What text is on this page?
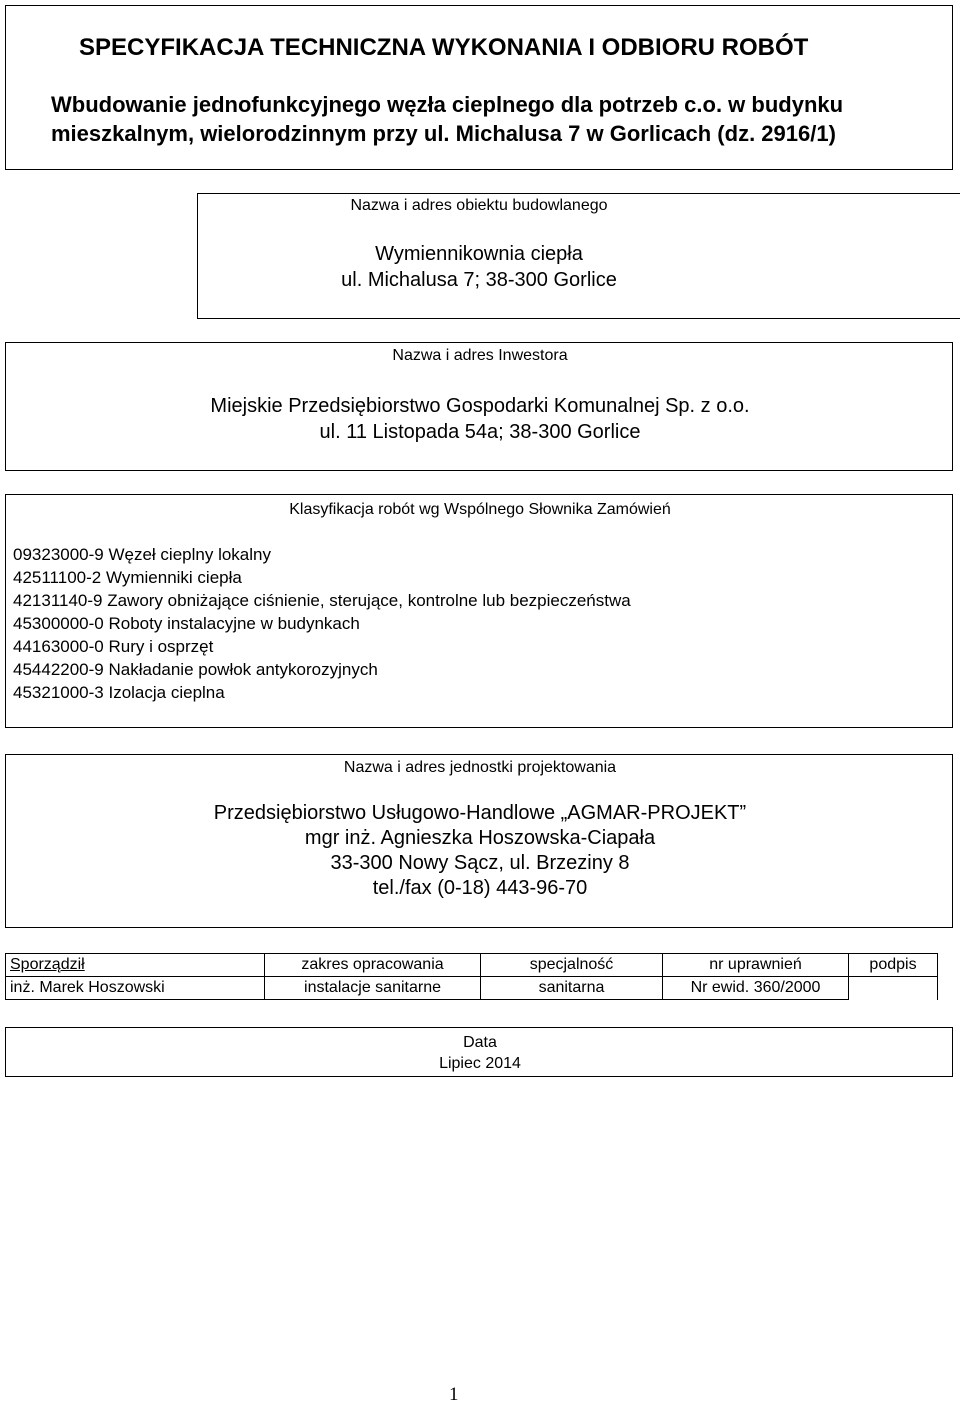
SPECYFIKACJA TECHNICZNA WYKONANIA I ODBIORU ROBÓT
Wbudowanie jednofunkcyjnego węzła cieplnego dla potrzeb c.o. w budynku
mieszkalnym, wielorodzinnym przy ul. Michalusa 7 w Gorlicach (dz. 2916/1)
Nazwa i adres obiektu budowlanego
Wymiennikownia ciepła
ul. Michalusa 7; 38-300 Gorlice
Nazwa i adres Inwestora
Miejskie Przedsiębiorstwo Gospodarki Komunalnej Sp. z o.o.
ul. 11 Listopada 54a; 38-300 Gorlice
Klasyfikacja robót wg Wspólnego Słownika Zamówień
09323000-9 Węzeł cieplny lokalny
42511100-2 Wymienniki ciepła
42131140-9 Zawory obniżające ciśnienie, sterujące, kontrolne lub bezpieczeństwa
45300000-0 Roboty instalacyjne w budynkach
44163000-0 Rury i osprzęt
45442200-9 Nakładanie powłok antykorozyjnych
45321000-3 Izolacja cieplna
Nazwa i adres jednostki projektowania
Przedsiębiorstwo Usługowo-Handlowe „AGMAR-PROJEKT”
mgr inż. Agnieszka Hoszowska-Ciapała
33-300 Nowy Sącz, ul. Brzeziny 8
tel./fax (0-18) 443-96-70
Sporządził	zakres opracowania	specjalność	nr uprawnień	podpis
inż. Marek Hoszowski	instalacje sanitarne	sanitarna	Nr ewid. 360/2000	
Data
Lipiec 2014
1
